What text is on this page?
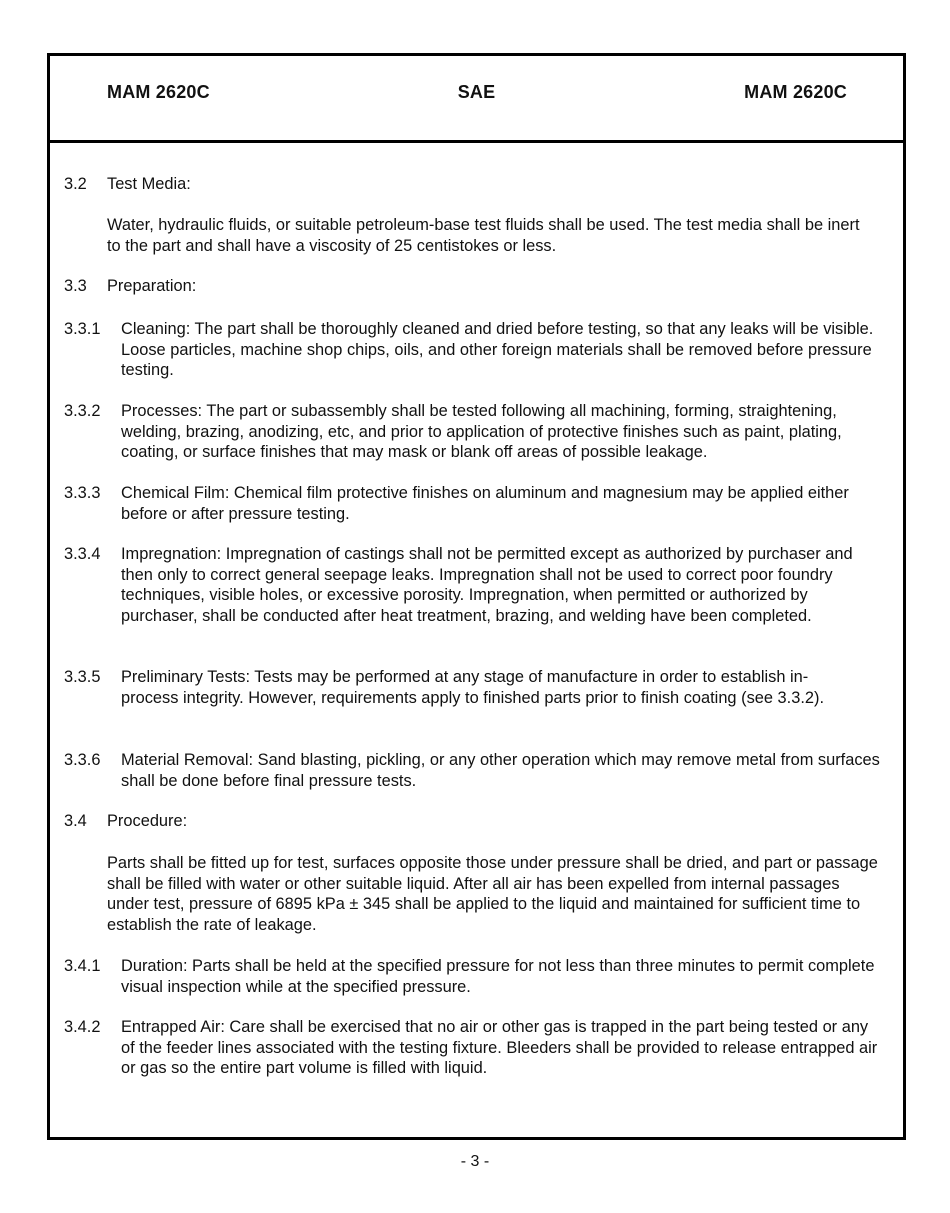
MAM 2620C	SAE	MAM 2620C
3.2 Test Media:
Water, hydraulic fluids, or suitable petroleum-base test fluids shall be used. The test media shall be inert to the part and shall have a viscosity of 25 centistokes or less.
3.3 Preparation:
3.3.1 Cleaning: The part shall be thoroughly cleaned and dried before testing, so that any leaks will be visible. Loose particles, machine shop chips, oils, and other foreign materials shall be removed before pressure testing.
3.3.2 Processes: The part or subassembly shall be tested following all machining, forming, straightening, welding, brazing, anodizing, etc, and prior to application of protective finishes such as paint, plating, coating, or surface finishes that may mask or blank off areas of possible leakage.
3.3.3 Chemical Film: Chemical film protective finishes on aluminum and magnesium may be applied either before or after pressure testing.
3.3.4 Impregnation: Impregnation of castings shall not be permitted except as authorized by purchaser and then only to correct general seepage leaks. Impregnation shall not be used to correct poor foundry techniques, visible holes, or excessive porosity. Impregnation, when permitted or authorized by purchaser, shall be conducted after heat treatment, brazing, and welding have been completed.
3.3.5 Preliminary Tests: Tests may be performed at any stage of manufacture in order to establish in-process integrity. However, requirements apply to finished parts prior to finish coating (see 3.3.2).
3.3.6 Material Removal: Sand blasting, pickling, or any other operation which may remove metal from surfaces shall be done before final pressure tests.
3.4 Procedure:
Parts shall be fitted up for test, surfaces opposite those under pressure shall be dried, and part or passage shall be filled with water or other suitable liquid. After all air has been expelled from internal passages under test, pressure of 6895 kPa ± 345 shall be applied to the liquid and maintained for sufficient time to establish the rate of leakage.
3.4.1 Duration: Parts shall be held at the specified pressure for not less than three minutes to permit complete visual inspection while at the specified pressure.
3.4.2 Entrapped Air: Care shall be exercised that no air or other gas is trapped in the part being tested or any of the feeder lines associated with the testing fixture. Bleeders shall be provided to release entrapped air or gas so the entire part volume is filled with liquid.
- 3 -
